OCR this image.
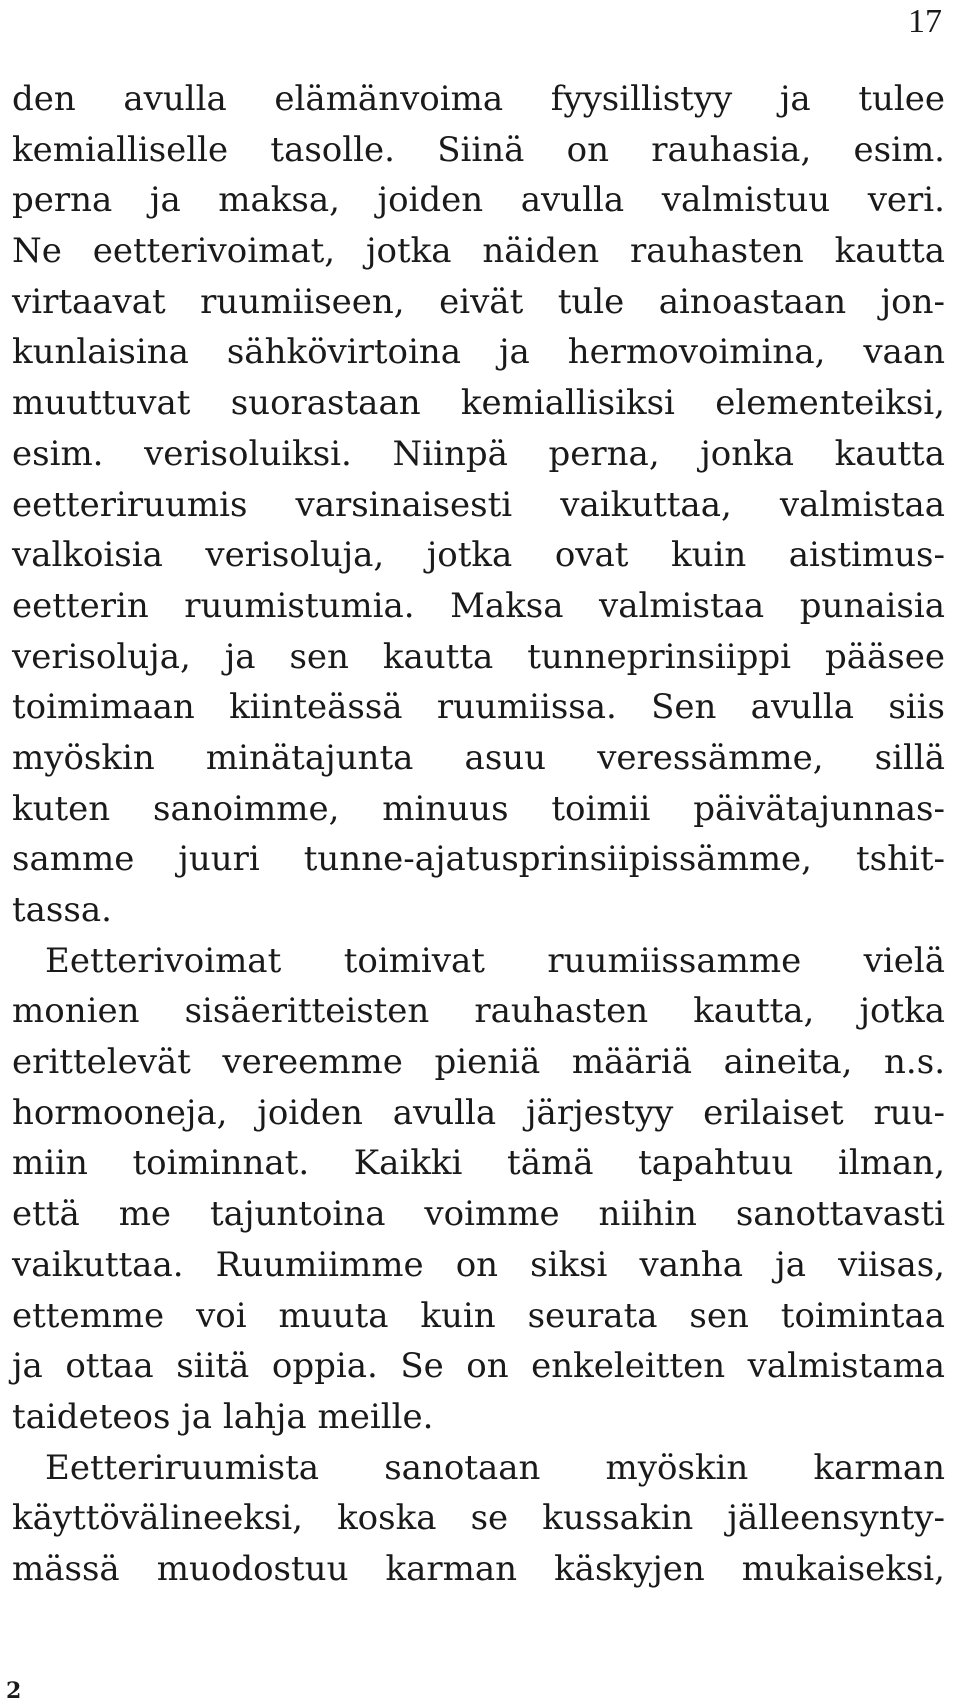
17
den avulla elämänvoima fyysillistyy ja tulee
kemialliselle tasolle. Siinä on rauhasia, esim.
perna ja maksa, joiden avulla valmistuu veri.
Ne eetterivoimat, jotka näiden rauhasten kautta
virtaavat ruumiiseen, eivät tule ainoastaan jon-
kunlaisina sähkövirtoina ja hermovoimina, vaan
muuttuvat suorastaan kemiallisiksi elementeiksi,
esim. verisoluiksi. Niinpä perna, jonka kautta
eetteriruumis varsinaisesti vaikuttaa, valmistaa
valkoisia verisoluja, jotka ovat kuin aistimus-
eetterin ruumistumia. Maksa valmistaa punaisia
verisoluja, ja sen kautta tunneprinsiippi pääsee
toimimaan kiinteässä ruumiissa. Sen avulla siis
myöskin minätajunta asuu veressämme, sillä
kuten sanoimme, minuus toimii päivätajunnas-
samme juuri tunne-ajatusprinsiipissämme, tshit-
tassa.
Eetterivoimat toimivat ruumiissamme vielä
monien sisäeritteisten rauhasten kautta, jotka
erittelevät vereemme pieniä määriä aineita, n.s.
hormooneja, joiden avulla järjestyy erilaiset ruu-
miin toiminnat. Kaikki tämä tapahtuu ilman,
että me tajuntoina voimme niihin sanottavasti
vaikuttaa. Ruumiimme on siksi vanha ja viisas,
ettemme voi muuta kuin seurata sen toimintaa
ja ottaa siitä oppia. Se on enkeleitten valmistama
taideteos ja lahja meille.
Eetteriruumista sanotaan myöskin karman
käyttövälineeksi, koska se kussakin jälleensynty-
mässä muodostuu karman käskyjen mukaiseksi,
2
